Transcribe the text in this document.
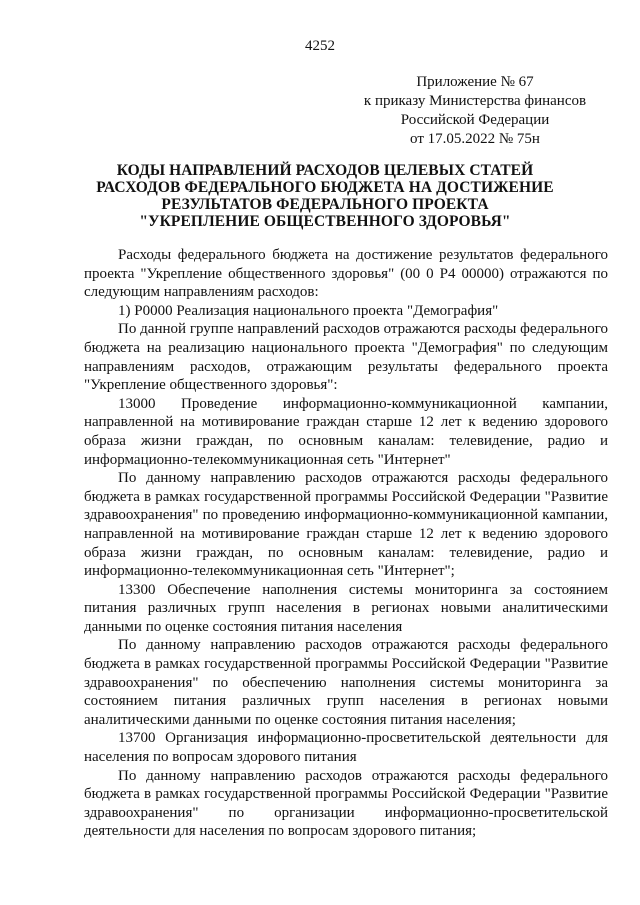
4252
Приложение № 67
к приказу Министерства финансов
Российской Федерации
от 17.05.2022 № 75н
КОДЫ НАПРАВЛЕНИЙ РАСХОДОВ ЦЕЛЕВЫХ СТАТЕЙ
РАСХОДОВ ФЕДЕРАЛЬНОГО БЮДЖЕТА НА ДОСТИЖЕНИЕ
РЕЗУЛЬТАТОВ ФЕДЕРАЛЬНОГО ПРОЕКТА
"УКРЕПЛЕНИЕ ОБЩЕСТВЕННОГО ЗДОРОВЬЯ"

Расходы федерального бюджета на достижение результатов федерального проекта "Укрепление общественного здоровья" (00 0 Р4 00000) отражаются по следующим направлениям расходов:

1) Р0000 Реализация национального проекта "Демография"

По данной группе направлений расходов отражаются расходы федерального бюджета на реализацию национального проекта "Демография" по следующим направлениям расходов, отражающим результаты федерального проекта "Укрепление общественного здоровья":

13000 Проведение информационно-коммуникационной кампании, направленной на мотивирование граждан старше 12 лет к ведению здорового образа жизни граждан, по основным каналам: телевидение, радио и информационно-телекоммуникационная сеть "Интернет"

По данному направлению расходов отражаются расходы федерального бюджета в рамках государственной программы Российской Федерации "Развитие здравоохранения" по проведению информационно-коммуникационной кампании, направленной на мотивирование граждан старше 12 лет к ведению здорового образа жизни граждан, по основным каналам: телевидение, радио и информационно-телекоммуникационная сеть "Интернет";

13300 Обеспечение наполнения системы мониторинга за состоянием питания различных групп населения в регионах новыми аналитическими данными по оценке состояния питания населения

По данному направлению расходов отражаются расходы федерального бюджета в рамках государственной программы Российской Федерации "Развитие здравоохранения" по обеспечению наполнения системы мониторинга за состоянием питания различных групп населения в регионах новыми аналитическими данными по оценке состояния питания населения;

13700 Организация информационно-просветительской деятельности для населения по вопросам здорового питания

По данному направлению расходов отражаются расходы федерального бюджета в рамках государственной программы Российской Федерации "Развитие здравоохранения" по организации информационно-просветительской деятельности для населения по вопросам здорового питания;
